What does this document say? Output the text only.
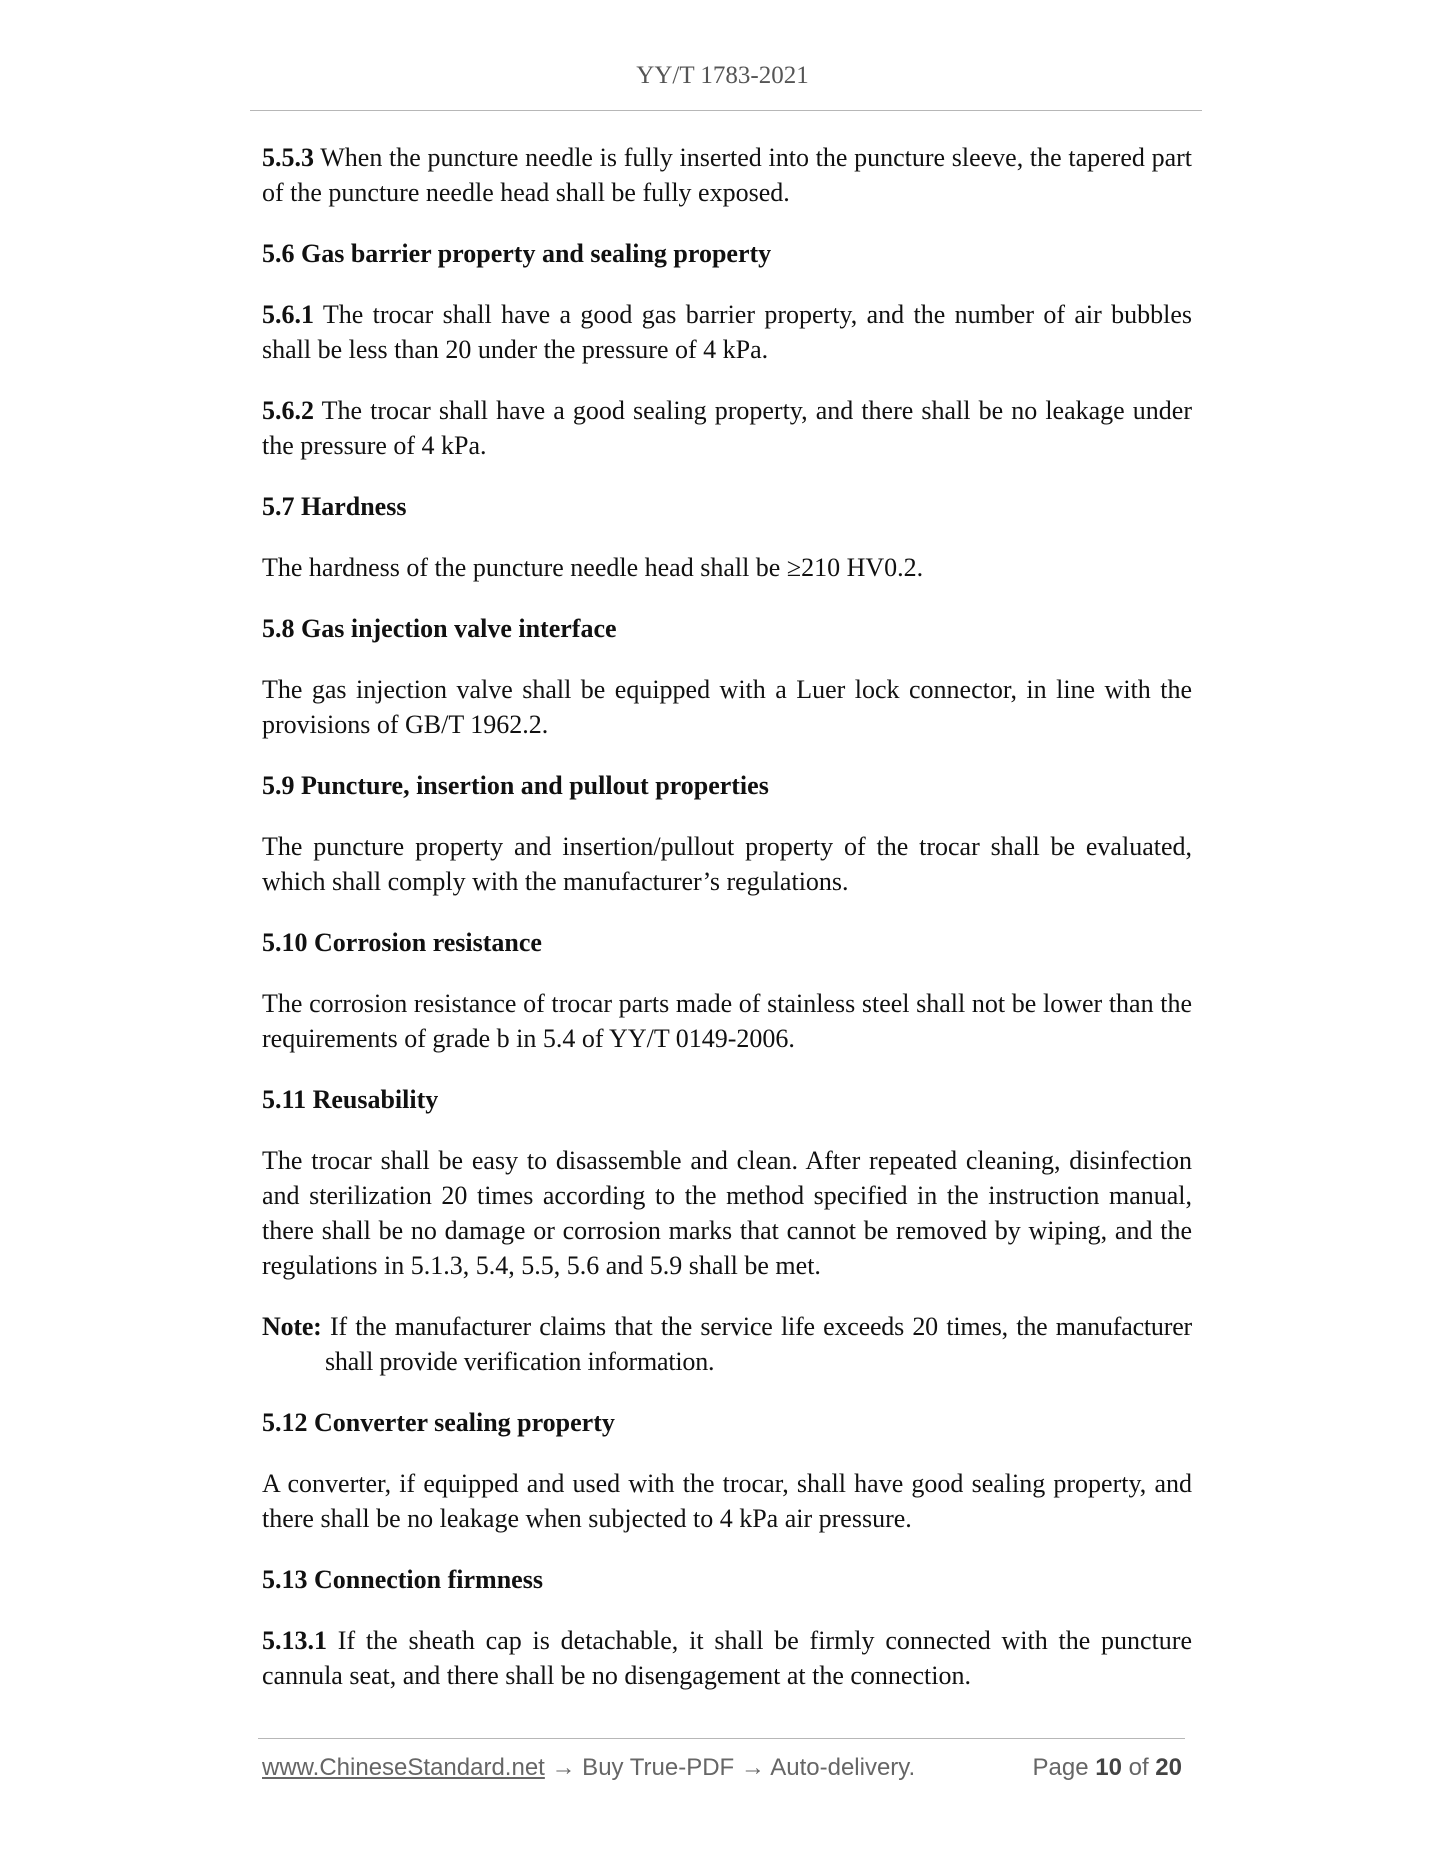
YY/T 1783-2021

5.5.3 When the puncture needle is fully inserted into the puncture sleeve, the tapered part of the puncture needle head shall be fully exposed.

5.6 Gas barrier property and sealing property

5.6.1 The trocar shall have a good gas barrier property, and the number of air bubbles shall be less than 20 under the pressure of 4 kPa.

5.6.2 The trocar shall have a good sealing property, and there shall be no leakage under the pressure of 4 kPa.

5.7 Hardness

The hardness of the puncture needle head shall be ≥210 HV0.2.

5.8 Gas injection valve interface

The gas injection valve shall be equipped with a Luer lock connector, in line with the provisions of GB/T 1962.2.

5.9 Puncture, insertion and pullout properties

The puncture property and insertion/pullout property of the trocar shall be evaluated, which shall comply with the manufacturer’s regulations.

5.10 Corrosion resistance

The corrosion resistance of trocar parts made of stainless steel shall not be lower than the requirements of grade b in 5.4 of YY/T 0149-2006.

5.11 Reusability

The trocar shall be easy to disassemble and clean. After repeated cleaning, disinfection and sterilization 20 times according to the method specified in the instruction manual, there shall be no damage or corrosion marks that cannot be removed by wiping, and the regulations in 5.1.3, 5.4, 5.5, 5.6 and 5.9 shall be met.

Note: If the manufacturer claims that the service life exceeds 20 times, the manufacturer shall provide verification information.

5.12 Converter sealing property

A converter, if equipped and used with the trocar, shall have good sealing property, and there shall be no leakage when subjected to 4 kPa air pressure.

5.13 Connection firmness

5.13.1 If the sheath cap is detachable, it shall be firmly connected with the puncture cannula seat, and there shall be no disengagement at the connection.

www.ChineseStandard.net → Buy True-PDF → Auto-delivery.	Page 10 of 20
